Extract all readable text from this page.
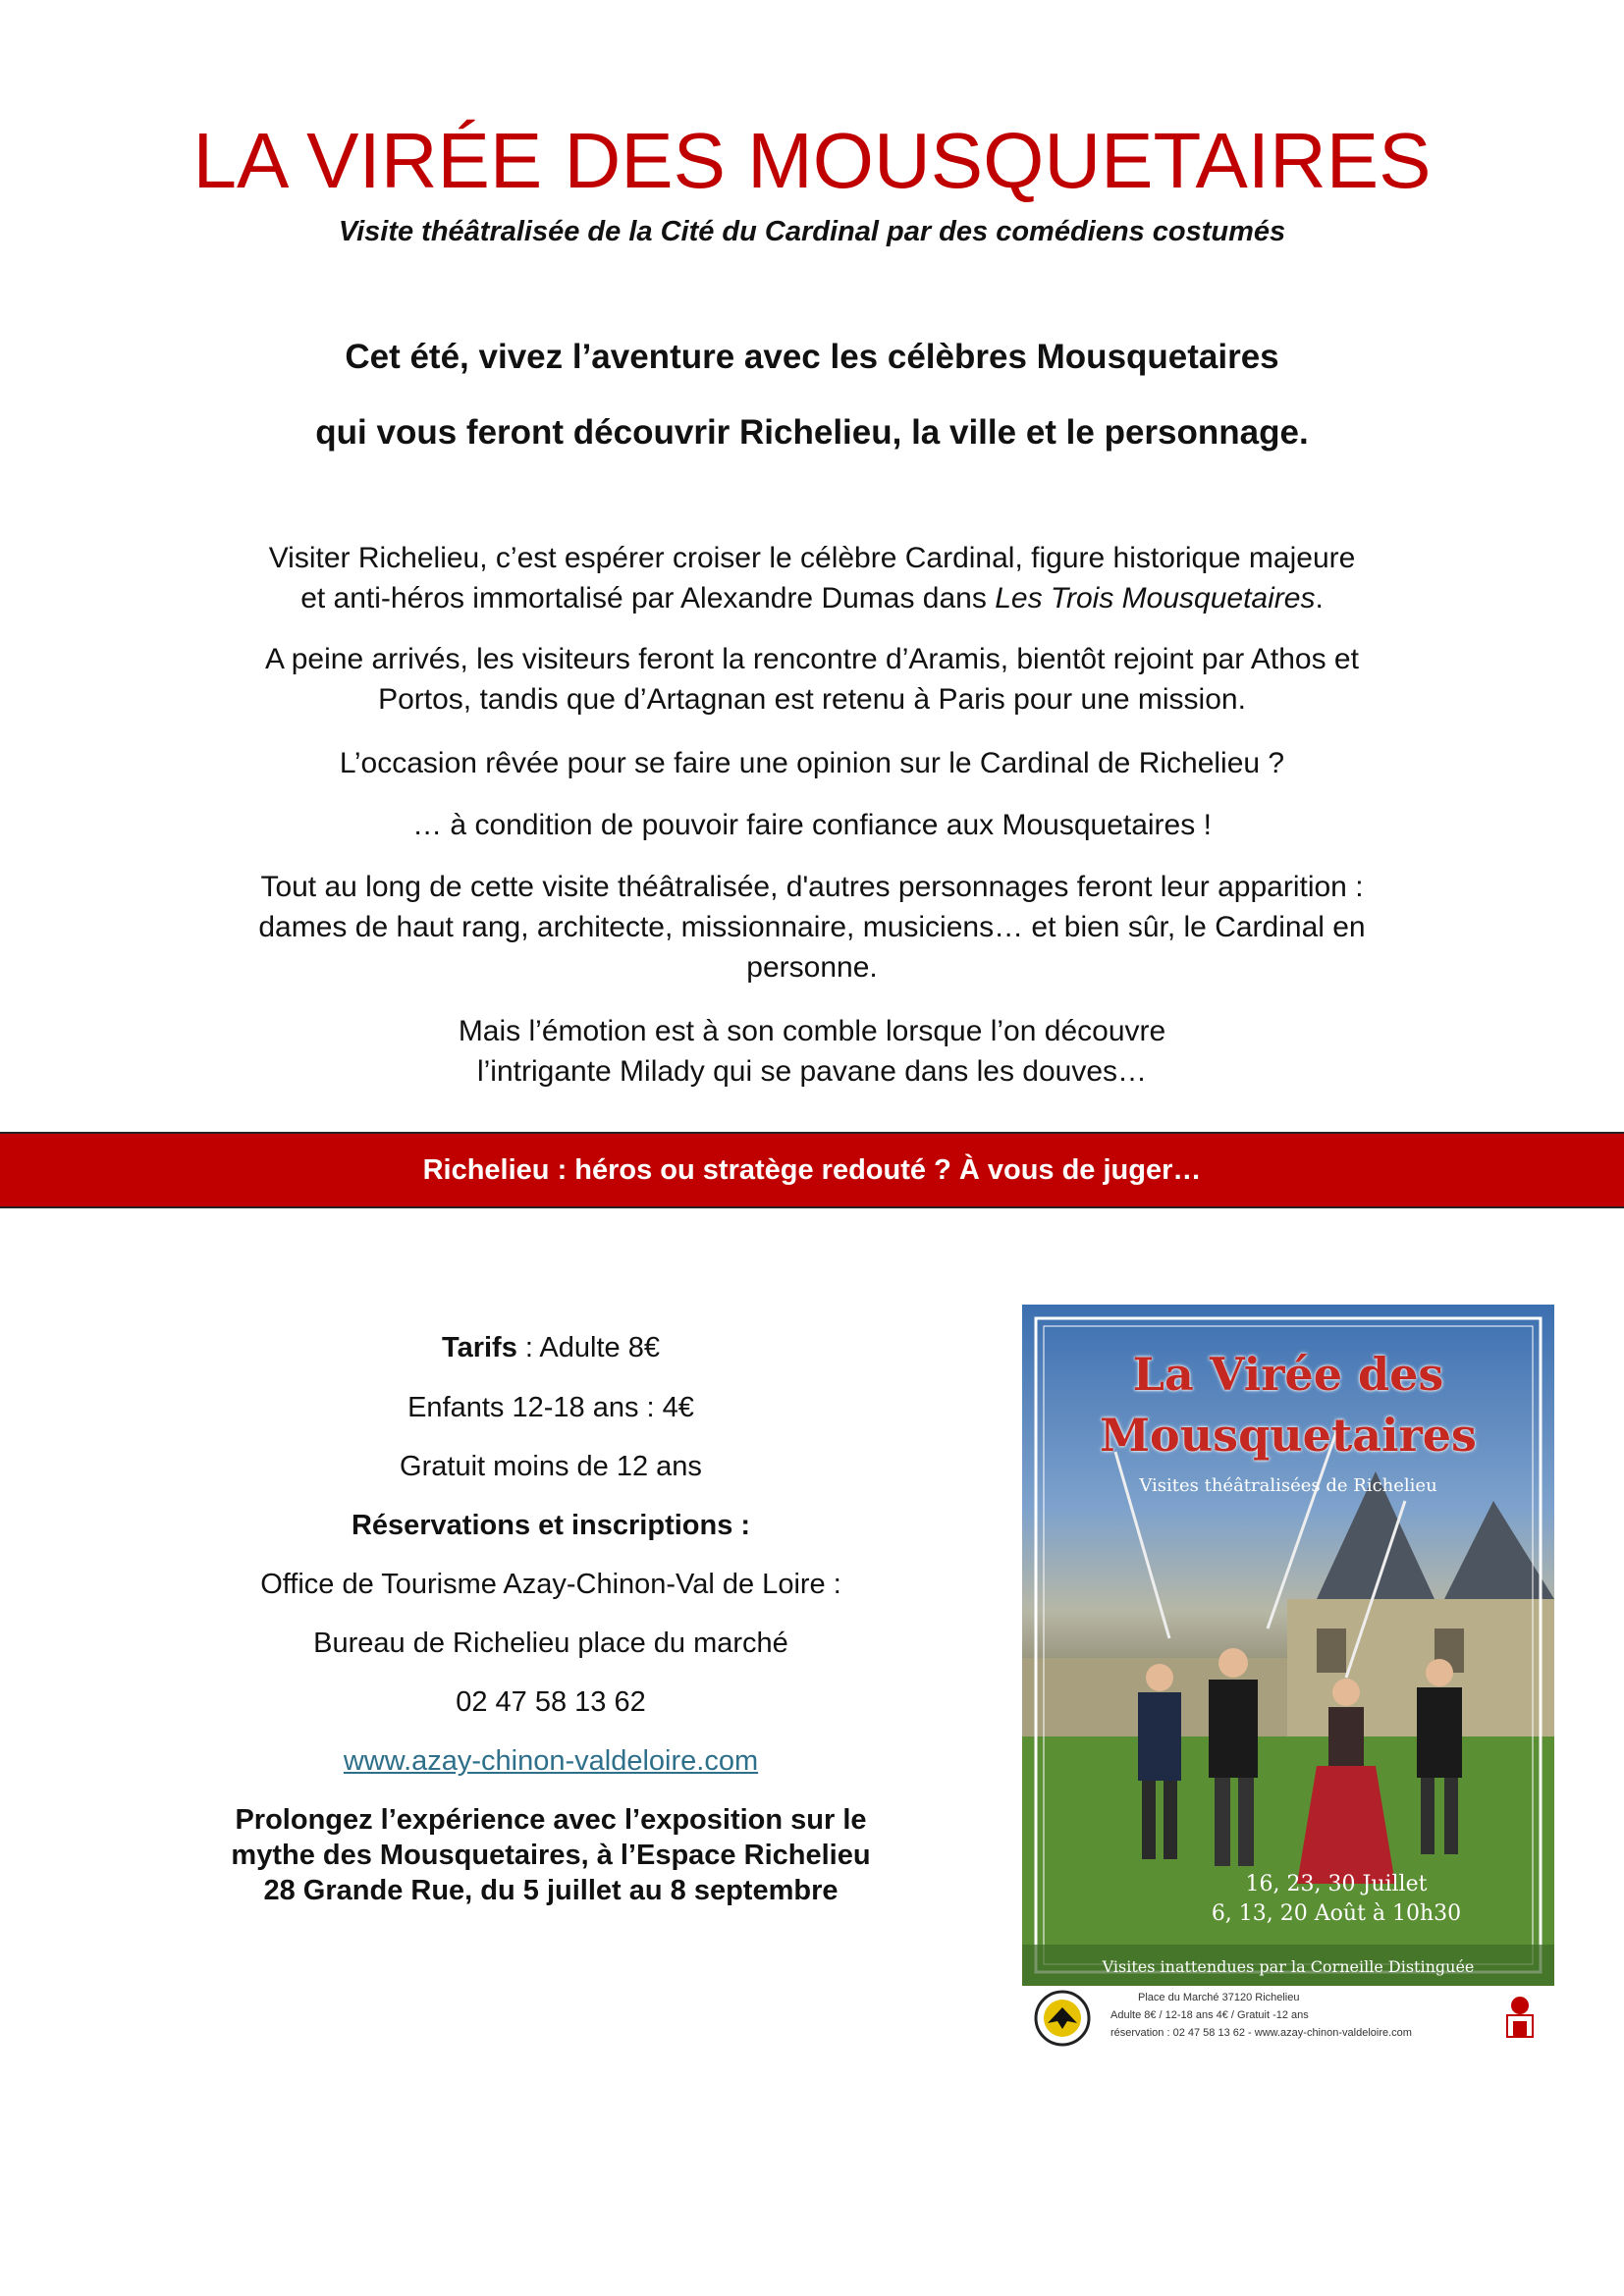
LA VIRÉE DES MOUSQUETAIRES

Visite théâtralisée de la Cité du Cardinal par des comédiens costumés

Cet été, vivez l’aventure avec les célèbres Mousquetaires

qui vous feront découvrir Richelieu, la ville et le personnage.

Visiter Richelieu, c’est espérer croiser le célèbre Cardinal, figure historique majeure
et anti-héros immortalisé par Alexandre Dumas dans Les Trois Mousquetaires.

A peine arrivés, les visiteurs feront la rencontre d’Aramis, bientôt rejoint par Athos et
Portos, tandis que d’Artagnan est retenu à Paris pour une mission.

L’occasion rêvée pour se faire une opinion sur le Cardinal de Richelieu ?

… à condition de pouvoir faire confiance aux Mousquetaires !

Tout au long de cette visite théâtralisée, d'autres personnages feront leur apparition :
dames de haut rang, architecte, missionnaire, musiciens… et bien sûr, le Cardinal en
personne.

Mais l’émotion est à son comble lorsque l’on découvre
l’intrigante Milady qui se pavane dans les douves…

Richelieu : héros ou stratège redouté ? À vous de juger…

Tarifs : Adulte 8€

Enfants 12-18 ans : 4€

Gratuit moins de 12 ans

Réservations et inscriptions :

Office de Tourisme Azay-Chinon-Val de Loire :

Bureau de Richelieu place du marché

02 47 58 13 62

www.azay-chinon-valdeloire.com

Prolongez l’expérience avec l’exposition sur le
mythe des Mousquetaires, à l’Espace Richelieu
28 Grande Rue, du 5 juillet au 8 septembre

La Virée des

Mousquetaires

Visites théâtralisées de Richelieu

16, 23, 30 Juillet

6, 13, 20 Août à 10h30

Visites inattendues par la Corneille Distinguée

Place du Marché 37120 Richelieu

Adulte 8€ / 12-18 ans 4€ / Gratuit -12 ans

réservation : 02 47 58 13 62 - www.azay-chinon-valdeloire.com
